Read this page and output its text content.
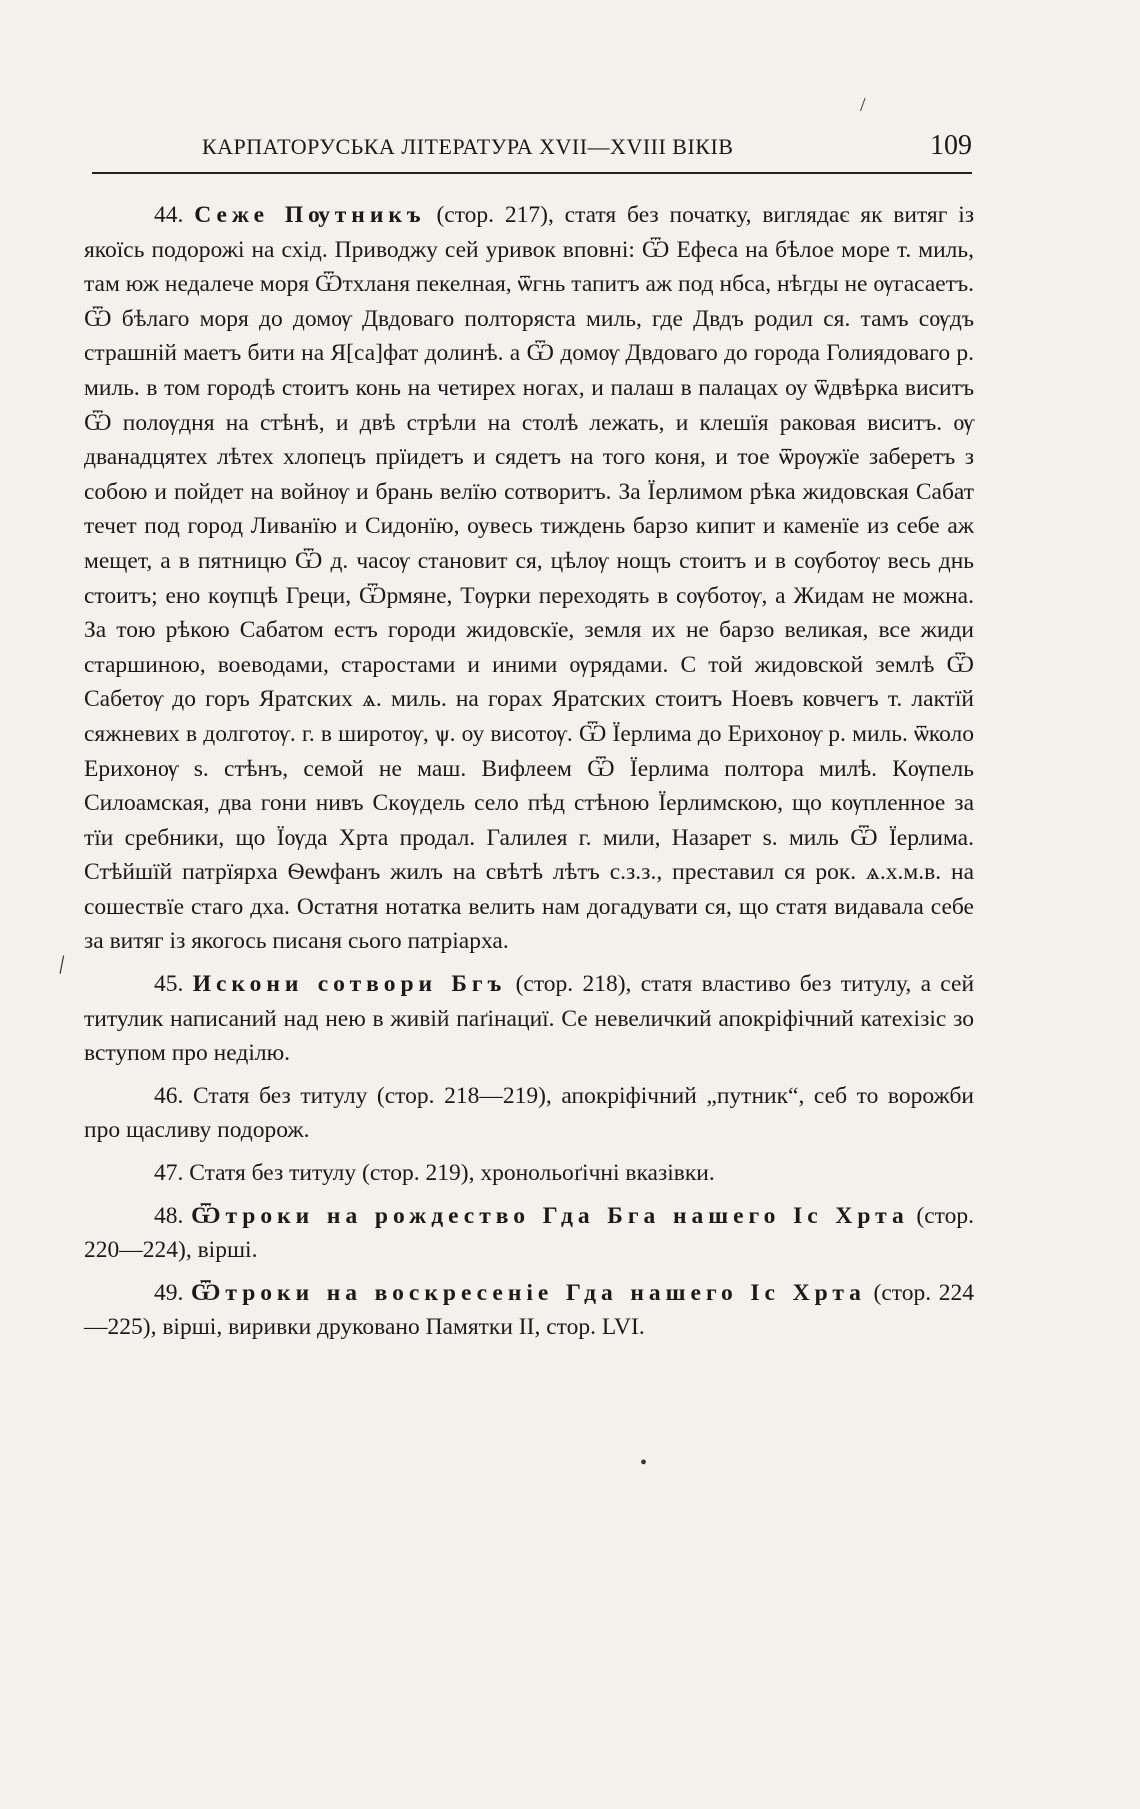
/
КАРПАТОРУСЬКА ЛІТЕРАТУРА XVII—XVIII ВІКІВ	109
\
•

44. Сеже Пѹтникъ (стор. 217), статя без початку, виглядає як витяг із якоїсь подорожі на схід. Приводжу сей уривок вповні: Ѿ Ефеса на бѣлое море т. миль, там юж недалече моря Ѿтхланя пекелная, ѿгнь тапитъ аж под нбса, нѣгды не ѹгасаетъ. Ѿ бѣлаго моря до домѹ Двдоваго полторяста миль, где Двдъ родил ся. тамъ сѹдъ страшній маетъ бити на Я[са]фат долинѣ. а Ѿ домѹ Двдоваго до города Голиядоваго р. миль. в том городѣ стоитъ конь на четирех ногах, и палаш в палацах оу ѿдвѣрка виситъ Ѿ полѹдня на стѣнѣ, и двѣ стрѣли на столѣ лежать, и клешїя раковая виситъ. ѹ дванадцятех лѣтех хлопецъ прїидетъ и сядетъ на того коня, и тое ѿрѹжїе заберетъ з собою и пойдет на войнѹ и брань велїю сотворитъ. За Їерлимом рѣка жидовская Сабат течет под город Ливанїю и Сидонїю, оувесь тиждень барзо кипит и каменїе из себе аж мещет, а в пятницю Ѿ д. часѹ становит ся, цѣлѹ нощъ стоитъ и в сѹботѹ весь днь стоитъ; ено кѹпцѣ Греци, Ѿрмяне, Тѹрки переходять в сѹботѹ, а Жидам не можна. За тою рѣкою Сабатом естъ городи жидовскїе, земля их не барзо великая, все жиди старшиною, воеводами, старостами и иними ѹрядами. С той жидовской землѣ Ѿ Сабетѹ до горъ Яратских ѧ. миль. на горах Яратских стоитъ Ноевъ ковчегъ т. лактїй сяжневих в долготѹ. г. в широтѹ, ѱ. оу висотѹ. Ѿ Їерлима до Ерихонѹ р. миль. ѿколо Ерихонѹ ѕ. стѣнъ, семой не маш. Вифлеем Ѿ Їерлима полтора милѣ. Кѹпель Силоамская, два гони нивъ Скѹдель село пѣд стѣною Їерлимскою, що кѹпленное за тїи сребники, що Їѹда Хрта продал. Галилея г. мили, Назарет ѕ. миль Ѿ Їерлима. Стѣйшїй патрїярха Ѳеѡфанъ жилъ на свѣтѣ лѣтъ с.з.з., преставил ся рок. ѧ.х.м.в. на сошествїе стаго дха. Остатня нотатка велить нам догадувати ся, що статя видавала себе за витяг із якогось писаня сього патріарха.

45. Искони сотвори Бгъ (стор. 218), статя властиво без титулу, а сей титулик написаний над нею в живій паґінациї. Се невеличкий апокріфічний катехізіс зо вступом про неділю.

46. Статя без титулу (стор. 218—219), апокріфічний „путник“, себ то ворожби про щасливу подорож.

47. Статя без титулу (стор. 219), хронольоґічні вказівки.

48. Ѿтроки на рождество Гда Бга нашего Іс Хрта (стор. 220—224), вірші.

49. Ѿтроки на воскресеніе Гда нашего Іс Хрта (стор. 224—225), вірші, виривки друковано Памятки II, стор. LVI.
